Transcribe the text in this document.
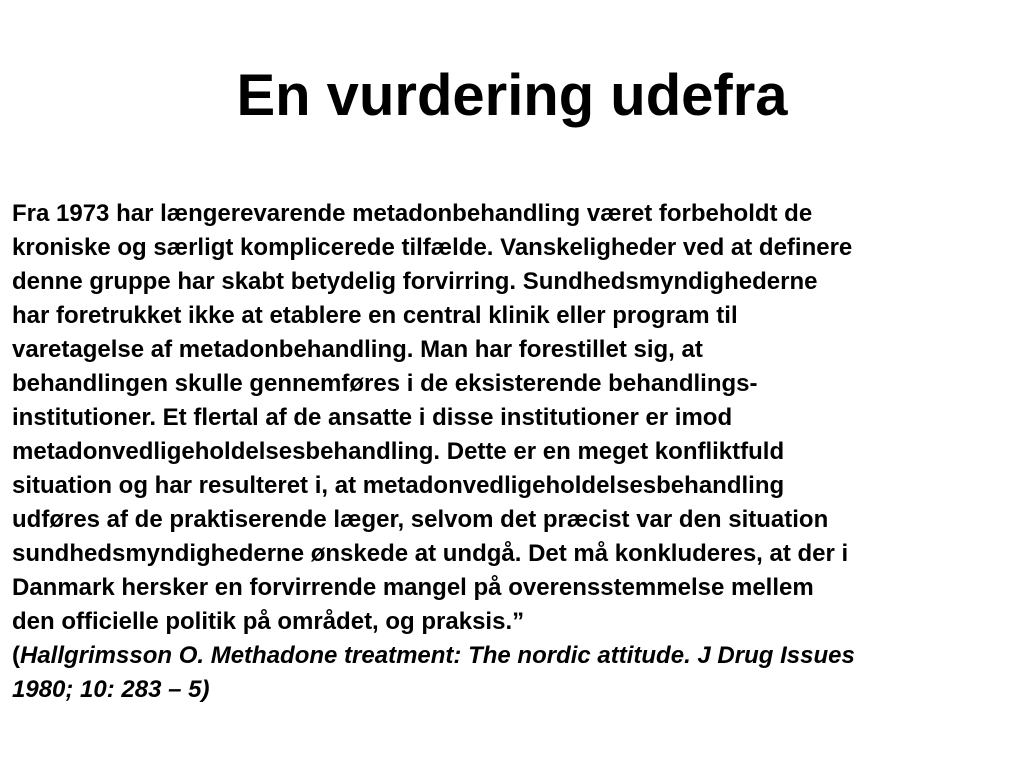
En vurdering udefra
Fra 1973 har længerevarende metadonbehandling været forbeholdt de
kroniske og særligt komplicerede tilfælde. Vanskeligheder ved at definere
denne gruppe har skabt betydelig forvirring. Sundhedsmyndighederne
har foretrukket ikke at etablere en central klinik eller program til
varetagelse af metadonbehandling. Man har forestillet sig, at
behandlingen skulle gennemføres i de eksisterende behandlings-
institutioner. Et flertal af de ansatte i disse institutioner er imod
metadonvedligeholdelsesbehandling. Dette er en meget konfliktfuld
situation og har resulteret i, at metadonvedligeholdelsesbehandling
udføres af de praktiserende læger, selvom det præcist var den situation
sundhedsmyndighederne ønskede at undgå. Det må konkluderes, at der i
Danmark hersker en forvirrende mangel på overensstemmelse mellem
den officielle politik på området, og praksis.”
(Hallgrimsson O. Methadone treatment: The nordic attitude. J Drug Issues
1980; 10: 283 – 5)
